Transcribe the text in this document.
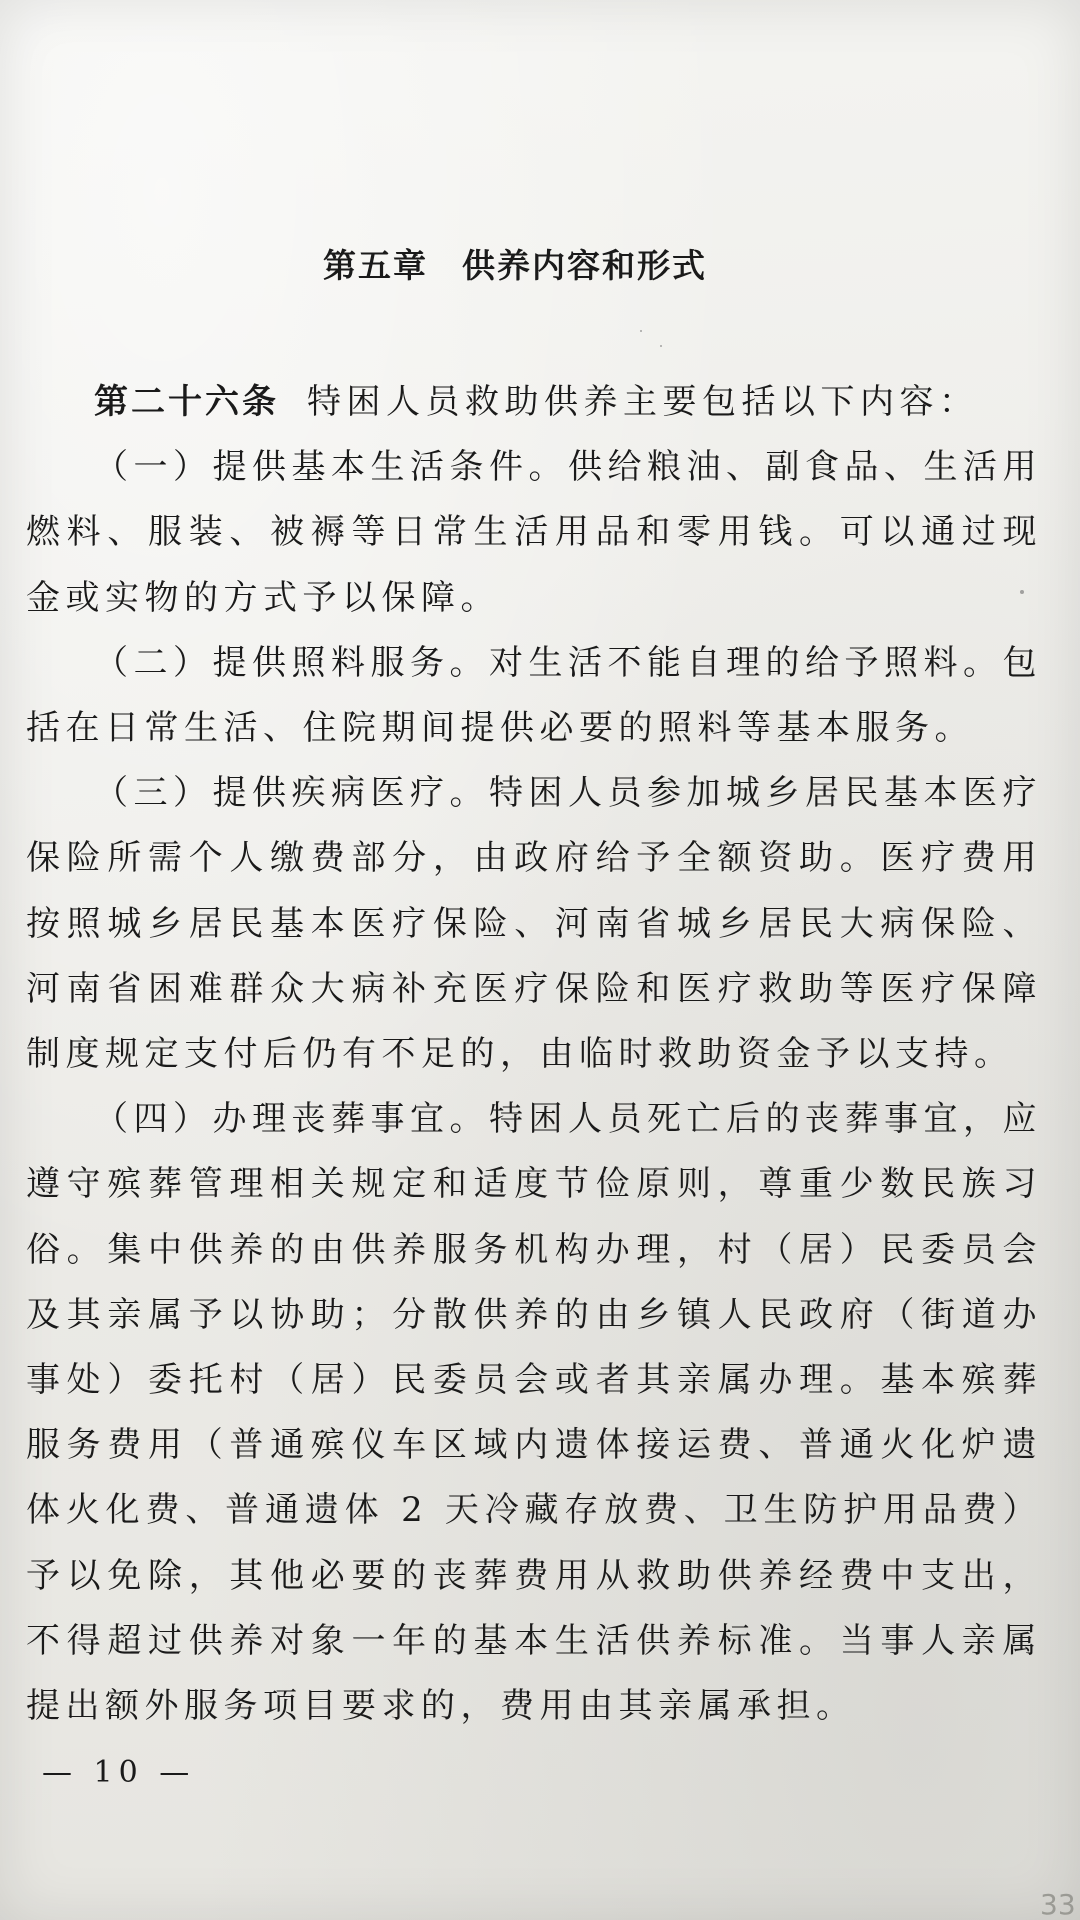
第五章 供养内容和形式

第二十六条 特困人员救助供养主要包括以下内容：

（一）提供基本生活条件。供给粮油、副食品、生活用燃料、服装、被褥等日常生活用品和零用钱。可以通过现金或实物的方式予以保障。

（二）提供照料服务。对生活不能自理的给予照料。包括在日常生活、住院期间提供必要的照料等基本服务。

（三）提供疾病医疗。特困人员参加城乡居民基本医疗保险所需个人缴费部分，由政府给予全额资助。医疗费用按照城乡居民基本医疗保险、河南省城乡居民大病保险、河南省困难群众大病补充医疗保险和医疗救助等医疗保障制度规定支付后仍有不足的，由临时救助资金予以支持。

（四）办理丧葬事宜。特困人员死亡后的丧葬事宜，应遵守殡葬管理相关规定和适度节俭原则，尊重少数民族习俗。集中供养的由供养服务机构办理，村（居）民委员会及其亲属予以协助；分散供养的由乡镇人民政府（街道办事处）委托村（居）民委员会或者其亲属办理。基本殡葬服务费用（普通殡仪车区域内遗体接运费、普通火化炉遗体火化费、普通遗体 2 天冷藏存放费、卫生防护用品费）予以免除，其他必要的丧葬费用从救助供养经费中支出，不得超过供养对象一年的基本生活供养标准。当事人亲属提出额外服务项目要求的，费用由其亲属承担。

— 10 —
33
